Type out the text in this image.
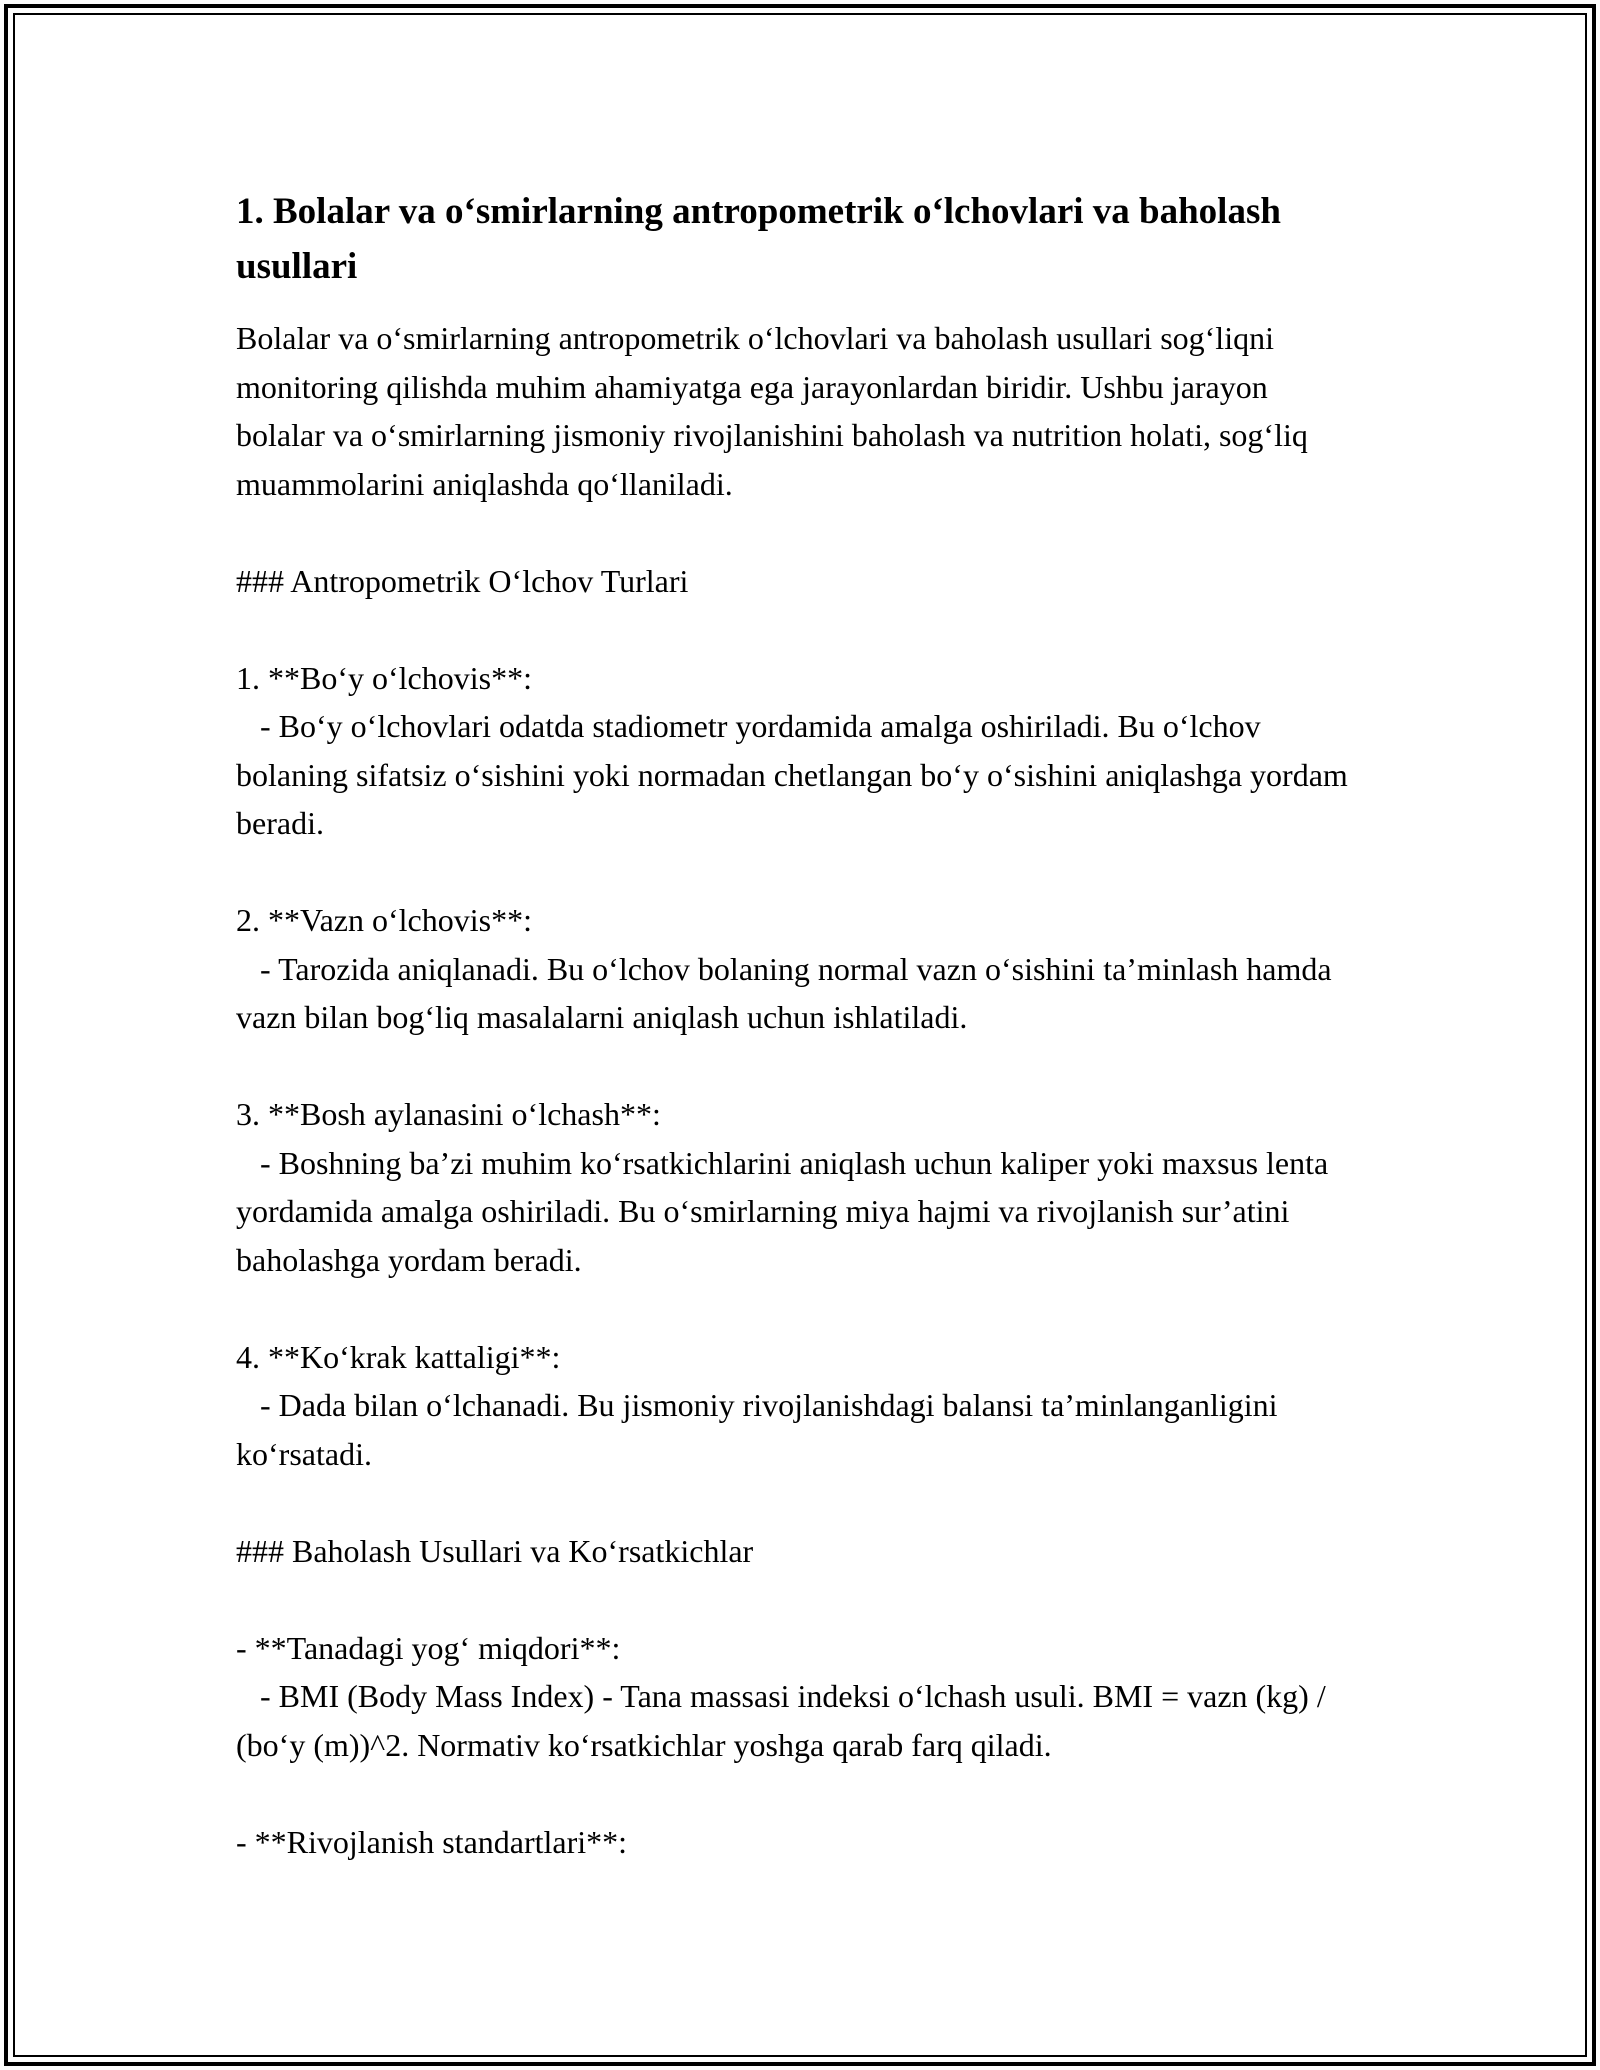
1. Bolalar va o‘smirlarning antropometrik o‘lchovlari va baholash usullari

Bolalar va o‘smirlarning antropometrik o‘lchovlari va baholash usullari sog‘liqni monitoring qilishda muhim ahamiyatga ega jarayonlardan biridir. Ushbu jarayon bolalar va o‘smirlarning jismoniy rivojlanishini baholash va nutrition holati, sog‘liq muammolarini aniqlashda qo‘llaniladi.

### Antropometrik O‘lchov Turlari

1. **Bo‘y o‘lchovis**:

- Bo‘y o‘lchovlari odatda stadiometr yordamida amalga oshiriladi. Bu o‘lchov bolaning sifatsiz o‘sishini yoki normadan chetlangan bo‘y o‘sishini aniqlashga yordam beradi.

2. **Vazn o‘lchovis**:

- Tarozida aniqlanadi. Bu o‘lchov bolaning normal vazn o‘sishini ta’minlash hamda vazn bilan bog‘liq masalalarni aniqlash uchun ishlatiladi.

3. **Bosh aylanasini o‘lchash**:

- Boshning ba’zi muhim ko‘rsatkichlarini aniqlash uchun kaliper yoki maxsus lenta yordamida amalga oshiriladi. Bu o‘smirlarning miya hajmi va rivojlanish sur’atini baholashga yordam beradi.

4. **Ko‘krak kattaligi**:

- Dada bilan o‘lchanadi. Bu jismoniy rivojlanishdagi balansi ta’minlanganligini ko‘rsatadi.

### Baholash Usullari va Ko‘rsatkichlar

- **Tanadagi yog‘ miqdori**:

- BMI (Body Mass Index) - Tana massasi indeksi o‘lchash usuli. BMI = vazn (kg) / (bo‘y (m))^2. Normativ ko‘rsatkichlar yoshga qarab farq qiladi.

- **Rivojlanish standartlari**:
